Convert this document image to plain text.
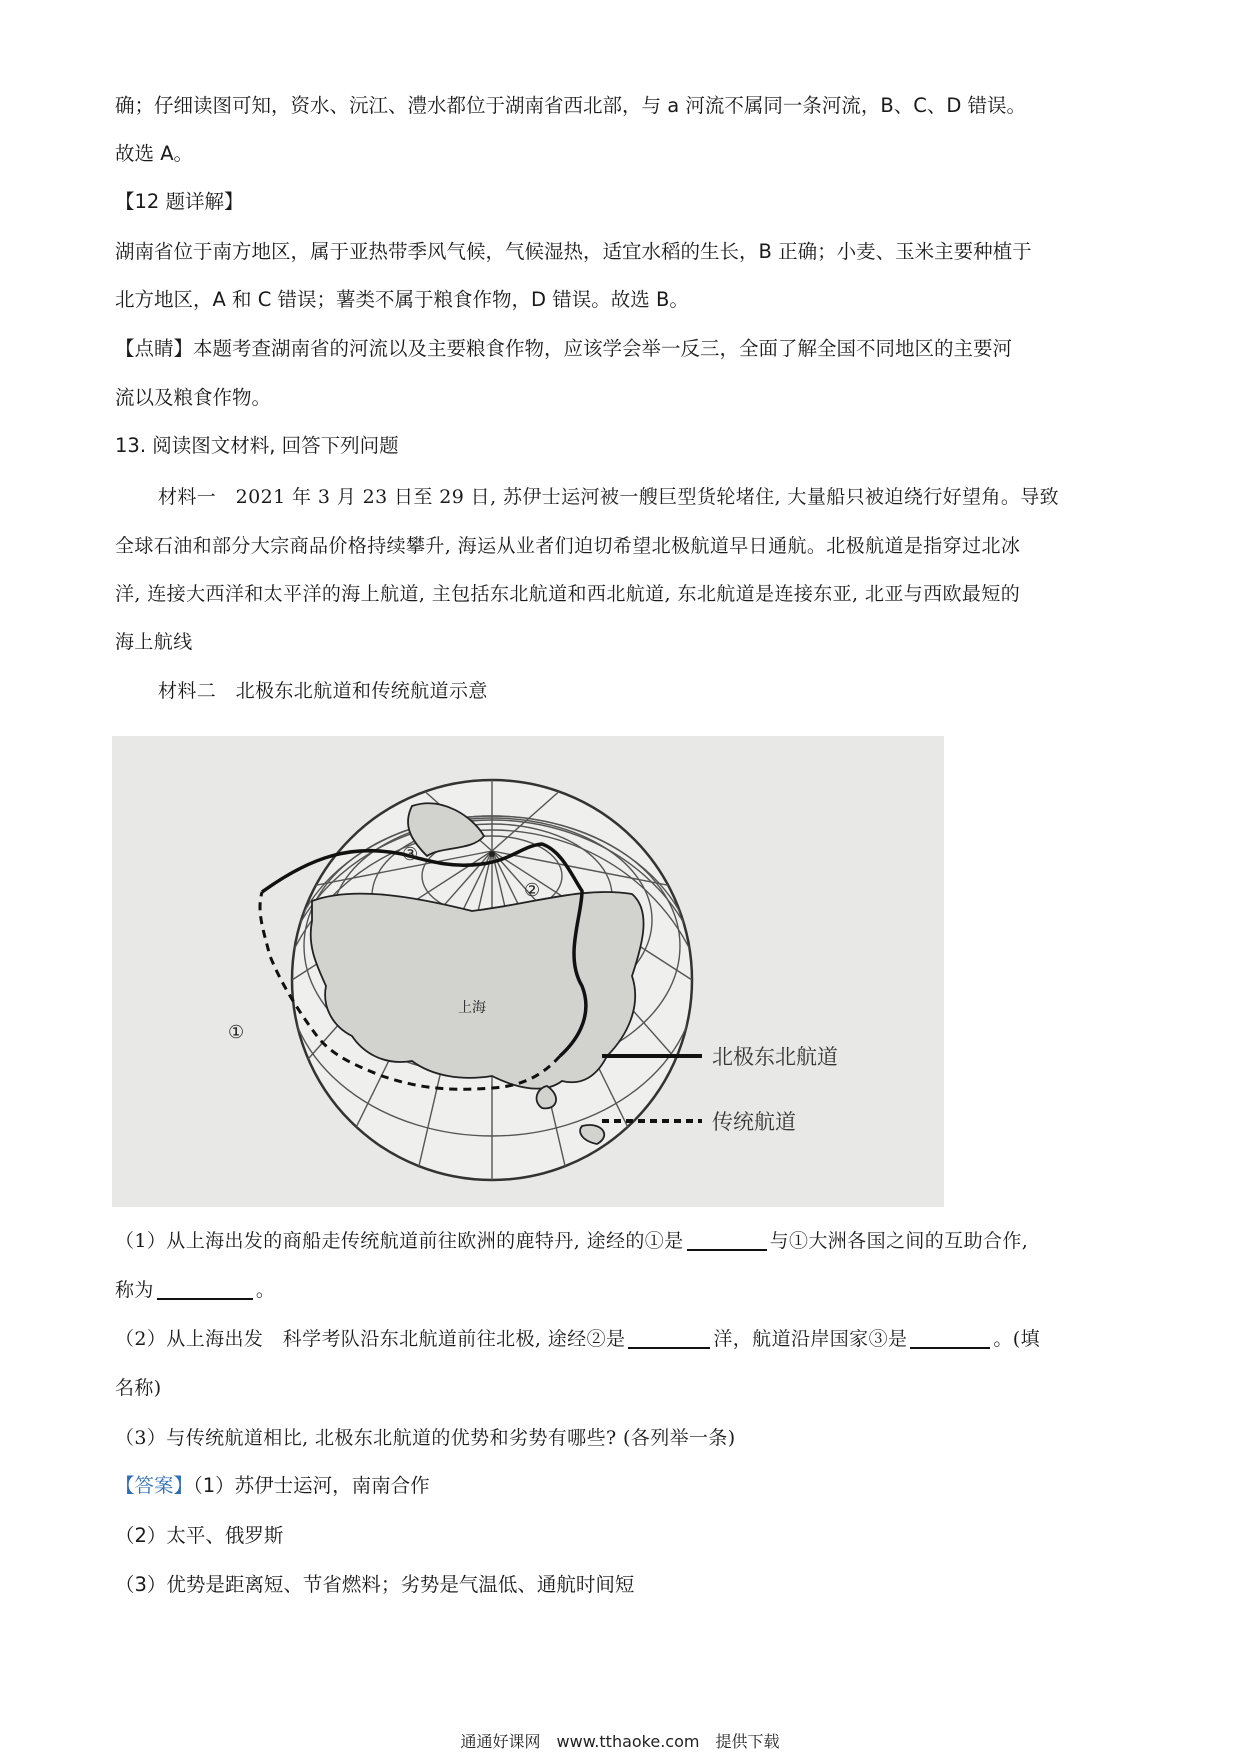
确；仔细读图可知，资水、沅江、澧水都位于湖南省西北部，与 a 河流不属同一条河流，B、C、D 错误。
故选 A。
【12 题详解】
湖南省位于南方地区，属于亚热带季风气候，气候湿热，适宜水稻的生长，B 正确；小麦、玉米主要种植于
北方地区，A 和 C 错误；薯类不属于粮食作物，D 错误。故选 B。
【点睛】本题考查湖南省的河流以及主要粮食作物，应该学会举一反三，全面了解全国不同地区的主要河
流以及粮食作物。
13. 阅读图文材料, 回答下列问题
材料一　2021 年 3 月 23 日至 29 日, 苏伊士运河被一艘巨型货轮堵住, 大量船只被迫绕行好望角。导致
全球石油和部分大宗商品价格持续攀升, 海运从业者们迫切希望北极航道早日通航。北极航道是指穿过北冰
洋, 连接大西洋和太平洋的海上航道, 主包括东北航道和西北航道, 东北航道是连接东亚, 北亚与西欧最短的
海上航线
材料二　北极东北航道和传统航道示意
①
②
③
上海
北极东北航道
传统航道
（1）从上海出发的商船走传统航道前往欧洲的鹿特丹, 途经的①是	与①大洲各国之间的互助合作,
称为	。
（2）从上海出发　科学考队沿东北航道前往北极, 途经②是	洋，航道沿岸国家③是	。(填
名称)
（3）与传统航道相比, 北极东北航道的优势和劣势有哪些? (各列举一条)
【答案】（1）苏伊士运河，南南合作
（2）太平、俄罗斯
（3）优势是距离短、节省燃料；劣势是气温低、通航时间短
通通好课网　www.tthaoke.com　提供下载
